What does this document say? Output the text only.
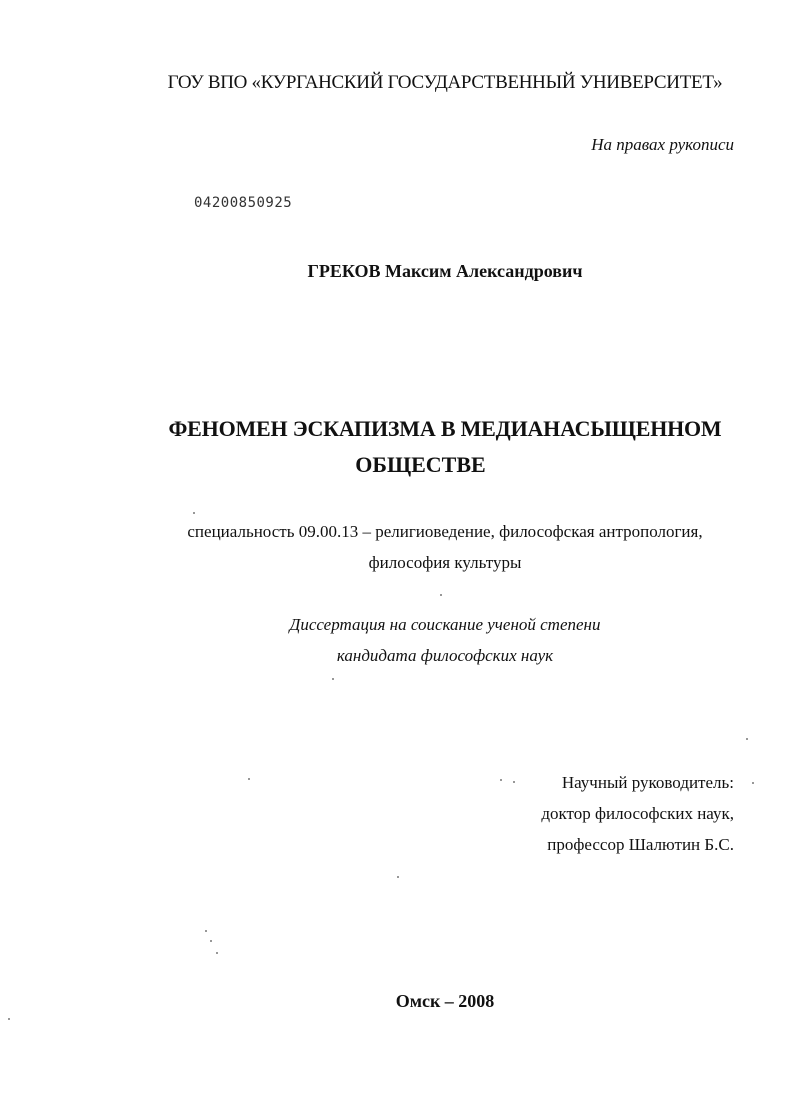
ГОУ ВПО «КУРГАНСКИЙ ГОСУДАРСТВЕННЫЙ УНИВЕРСИТЕТ»
На правах рукописи
04200850925
ГРЕКОВ Максим Александрович
ФЕНОМЕН ЭСКАПИЗМА В МЕДИАНАСЫЩЕННОМ
ОБЩЕСТВЕ
специальность 09.00.13 – религиоведение, философская антропология,
философия культуры
Диссертация на соискание ученой степени
кандидата философских наук
Научный руководитель:
доктор философских наук,
профессор Шалютин Б.С.
Омск – 2008
